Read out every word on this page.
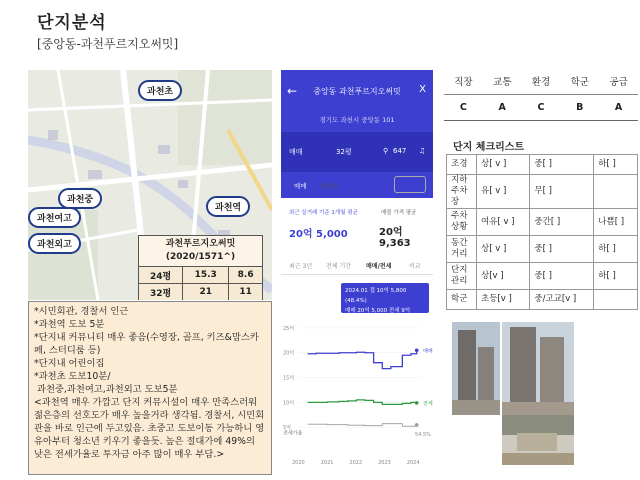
단지분석
[중앙동-과천푸르지오써밋]
과천초
과천중
과천여고
과천외고
과천역
과천푸르지오써밋
(2020/1571^)		

24평	15.3	8.6
32평	21	11
*시민회관, 경찰서 인근
*과천역 도보 5분
*단지내 커뮤니티 매우 좋음(수영장, 골프, 키즈&맘스카페, 스터디룸 등)
*단지내 어린이집
*과천초 도보10분/
과천중,과천여고,과천외고 도보5분
<과천역 매우 가깝고 단지 커뮤시설이 매우 만족스러워 젊은층의 선호도가 매우 높을거라 생각됨. 경찰서, 시민회관을 바로 인근에 두고있음. 초중고 도보이동 가능하니 영유아부터 청소년 키우기 좋을듯. 높은 절대가에 49%의 낮은 전세가율로 투자금 아주 많이 매우 부담.>
←	중앙동 과천푸르지오써밋	X
경기도 과천시 중앙동 101
매매	32평	⚲ 647 ♫
매매	전월세	32평 ▾
최근 실거래 기준 1개월 평균
20억 5,000
매물 가격 평균
20억 9,363
최근 3년 전체 기간 매매/전세	비교
2024.01 갭 10억 5,800 (48.4%)
매매 20억 5,000 전세 9억 9,200
25억
20억
15억
10억
5억
2020	2021	2022	2023	2024
매매
전세
전세가율	54.5%
직장	교통	환경	학군	공급
C	A	C	B	A
단지 체크리스트
조경	상[ v ]	중[ ]	하[ ]
지하주차장	유[ v ]	무[ ]	
주차상황	여유[ v ]	중간[ ]	나쁨[ ]
동간거리	상[ v ]	중[ ]	하[ ]
단지관리	상[v ]	중[ ]	하[ ]
학군	초등[v ]	중/고교[v ]	
